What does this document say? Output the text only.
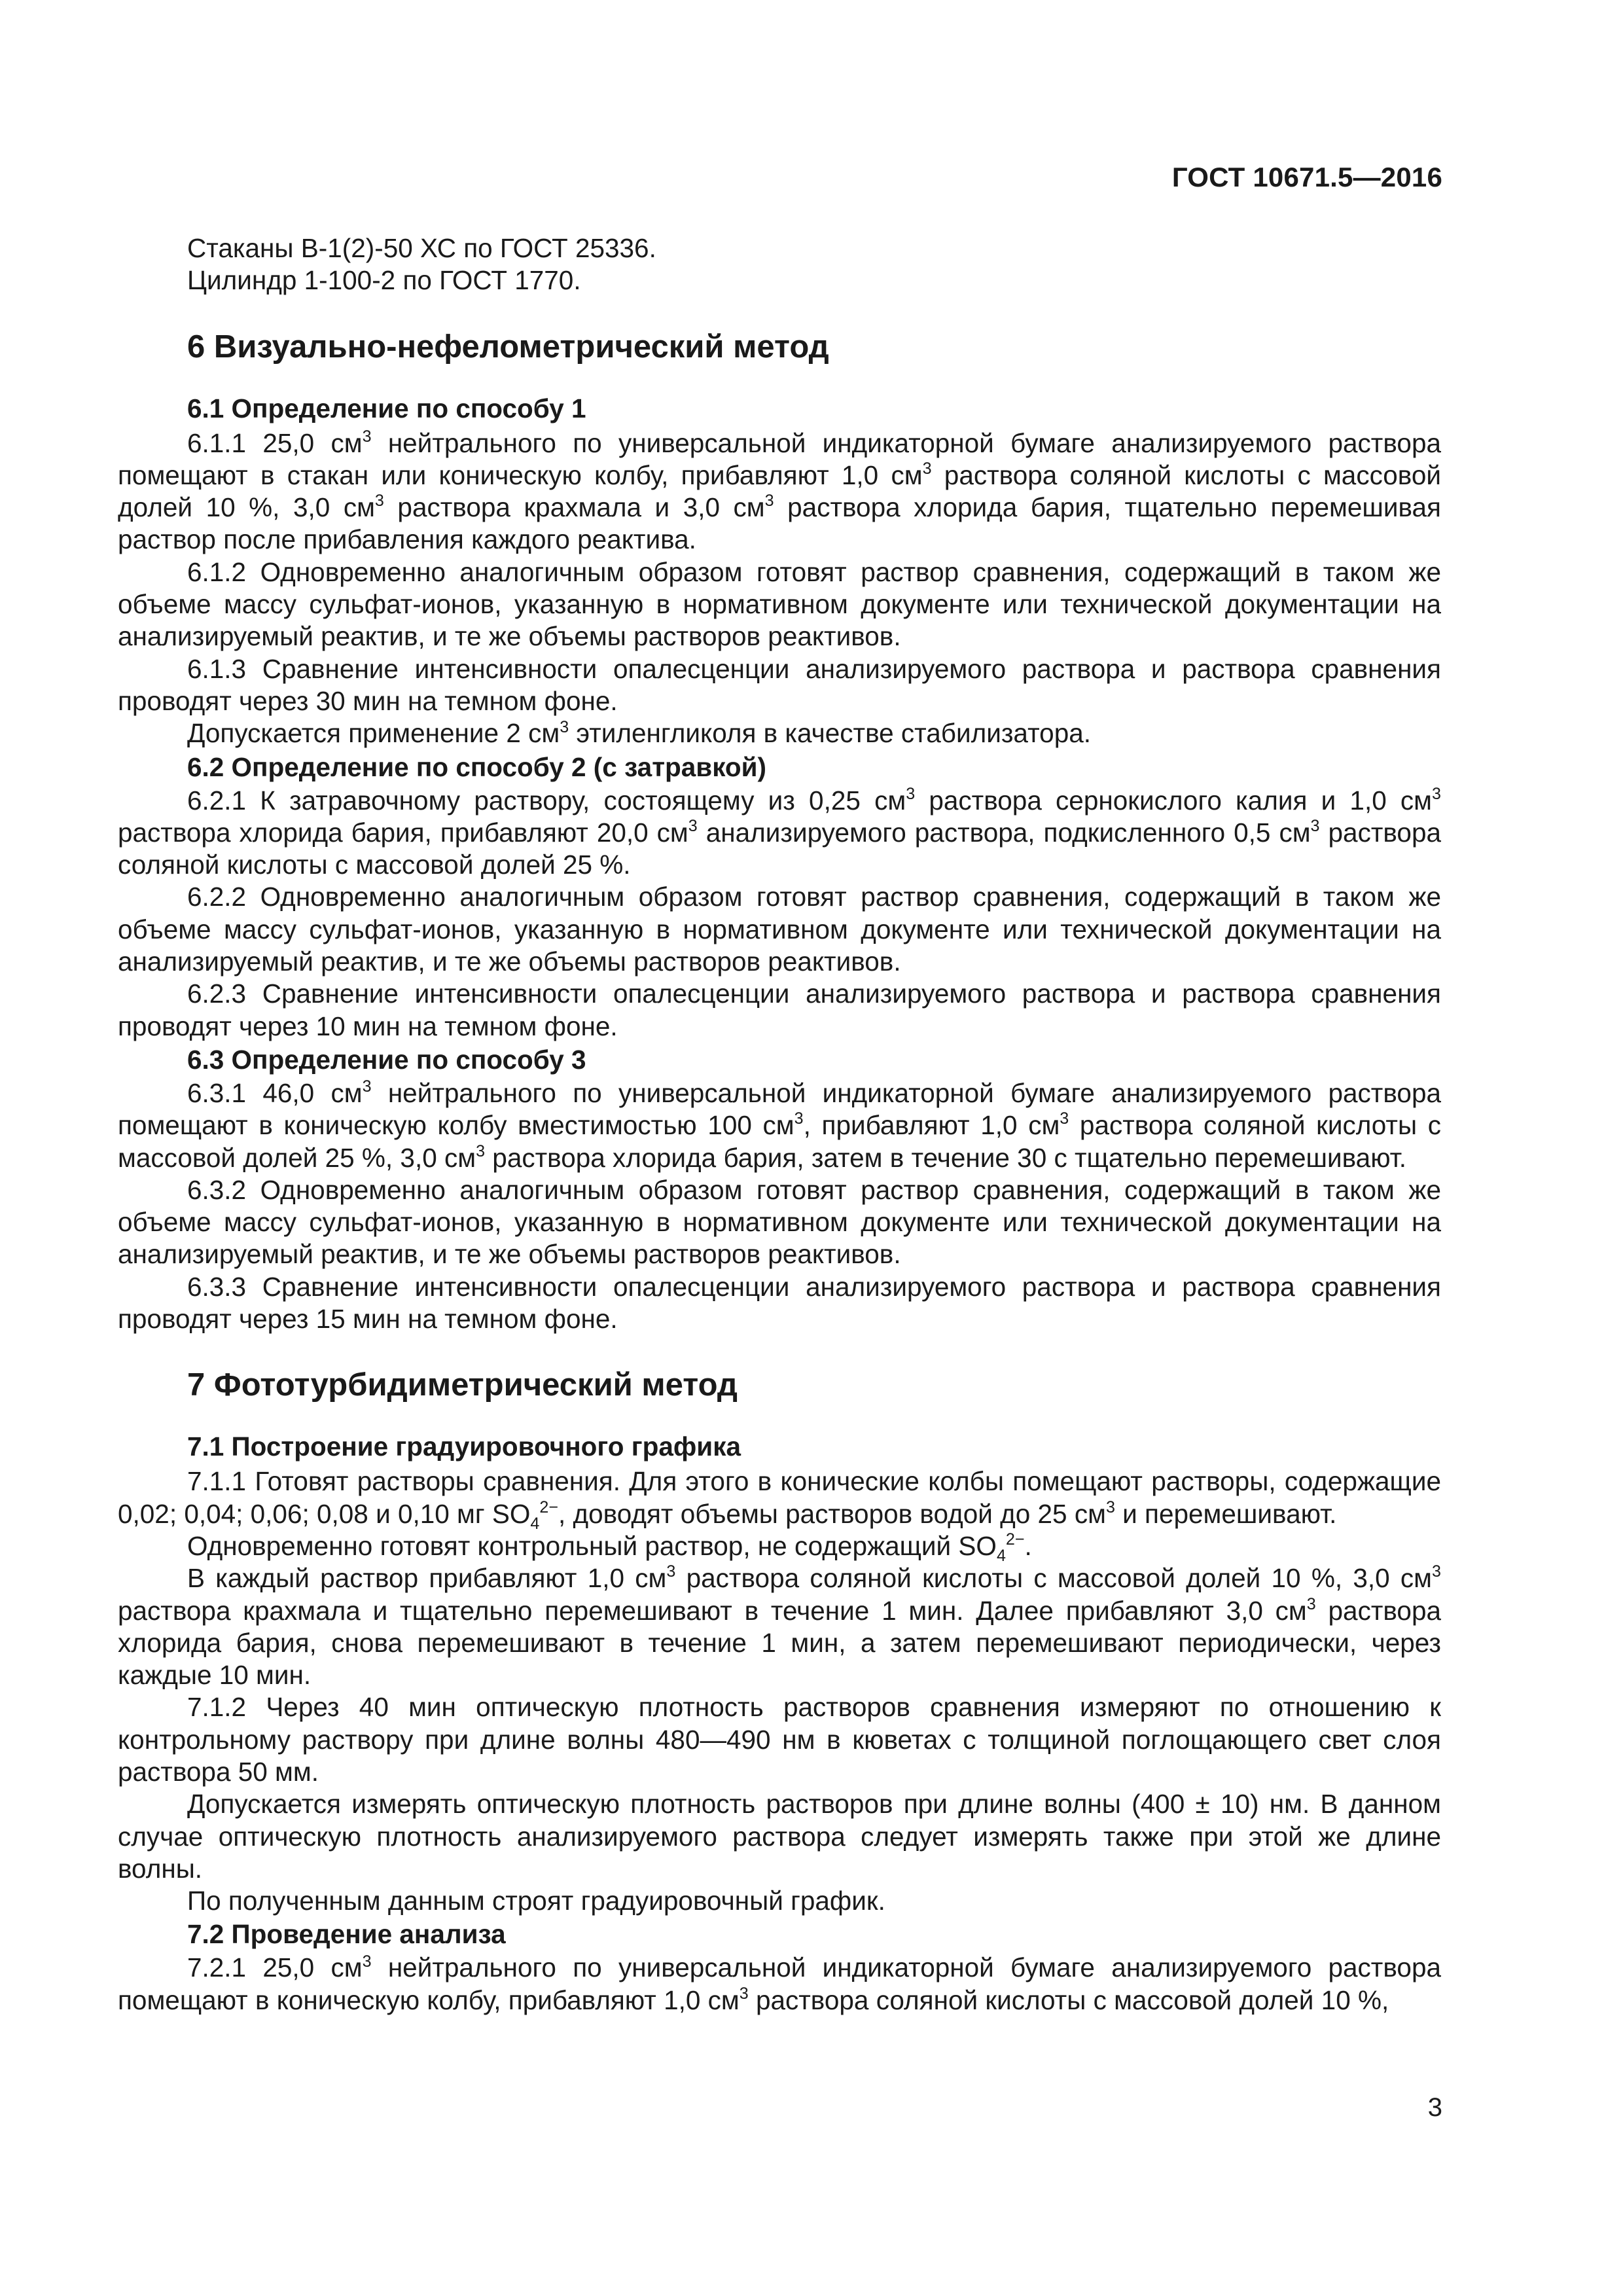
ГОСТ 10671.5—2016

Стаканы В-1(2)-50 ХС по ГОСТ 25336.

Цилиндр 1-100-2 по ГОСТ 1770.

6 Визуально-нефелометрический метод
6.1 Определение по способу 1

6.1.1 25,0 $см^3$ нейтрального по универсальной индикаторной бумаге анализируемого раствора помещают в стакан или коническую колбу, прибавляют 1,0 $см^3$ раствора соляной кислоты с массовой долей 10 %, 3,0 $см^3$ раствора крахмала и 3,0 $см^3$ раствора хлорида бария, тщательно перемешивая раствор после прибавления каждого реактива.

6.1.2 Одновременно аналогичным образом готовят раствор сравнения, содержащий в таком же объеме массу сульфат-ионов, указанную в нормативном документе или технической документации на анализируемый реактив, и те же объемы растворов реактивов.

6.1.3 Сравнение интенсивности опалесценции анализируемого раствора и раствора сравнения проводят через 30 мин на темном фоне.

Допускается применение 2 $см^3$ этиленгликоля в качестве стабилизатора.

6.2 Определение по способу 2 (с затравкой)

6.2.1 К затравочному раствору, состоящему из 0,25 $см^3$ раствора сернокислого калия и 1,0 $см^3$ раствора хлорида бария, прибавляют 20,0 $см^3$ анализируемого раствора, подкисленного 0,5 $см^3$ раствора соляной кислоты с массовой долей 25 %.

6.2.2 Одновременно аналогичным образом готовят раствор сравнения, содержащий в таком же объеме массу сульфат-ионов, указанную в нормативном документе или технической документации на анализируемый реактив, и те же объемы растворов реактивов.

6.2.3 Сравнение интенсивности опалесценции анализируемого раствора и раствора сравнения проводят через 10 мин на темном фоне.

6.3 Определение по способу 3

6.3.1 46,0 $см^3$ нейтрального по универсальной индикаторной бумаге анализируемого раствора помещают в коническую колбу вместимостью 100 $см^3$, прибавляют 1,0 $см^3$ раствора соляной кислоты с массовой долей 25 %, 3,0 $см^3$ раствора хлорида бария, затем в течение 30 с тщательно перемешивают.

6.3.2 Одновременно аналогичным образом готовят раствор сравнения, содержащий в таком же объеме массу сульфат-ионов, указанную в нормативном документе или технической документации на анализируемый реактив, и те же объемы растворов реактивов.

6.3.3 Сравнение интенсивности опалесценции анализируемого раствора и раствора сравнения проводят через 15 мин на темном фоне.

7 Фототурбидиметрический метод
7.1 Построение градуировочного графика

7.1.1 Готовят растворы сравнения. Для этого в конические колбы помещают растворы, содержащие 0,02; 0,04; 0,06; 0,08 и 0,10 мг $SO_4^{2-}$, доводят объемы растворов водой до 25 $см^3$ и перемешивают.

Одновременно готовят контрольный раствор, не содержащий $SO_4^{2-}$.

В каждый раствор прибавляют 1,0 $см^3$ раствора соляной кислоты с массовой долей 10 %, 3,0 $см^3$ раствора крахмала и тщательно перемешивают в течение 1 мин. Далее прибавляют 3,0 $см^3$ раствора хлорида бария, снова перемешивают в течение 1 мин, а затем перемешивают периодически, через каждые 10 мин.

7.1.2 Через 40 мин оптическую плотность растворов сравнения измеряют по отношению к контрольному раствору при длине волны 480—490 нм в кюветах с толщиной поглощающего свет слоя раствора 50 мм.

Допускается измерять оптическую плотность растворов при длине волны (400 ± 10) нм. В данном случае оптическую плотность анализируемого раствора следует измерять также при этой же длине волны.

По полученным данным строят градуировочный график.

7.2 Проведение анализа

7.2.1 25,0 $см^3$ нейтрального по универсальной индикаторной бумаге анализируемого раствора помещают в коническую колбу, прибавляют 1,0 $см^3$ раствора соляной кислоты с массовой долей 10 %,

3
